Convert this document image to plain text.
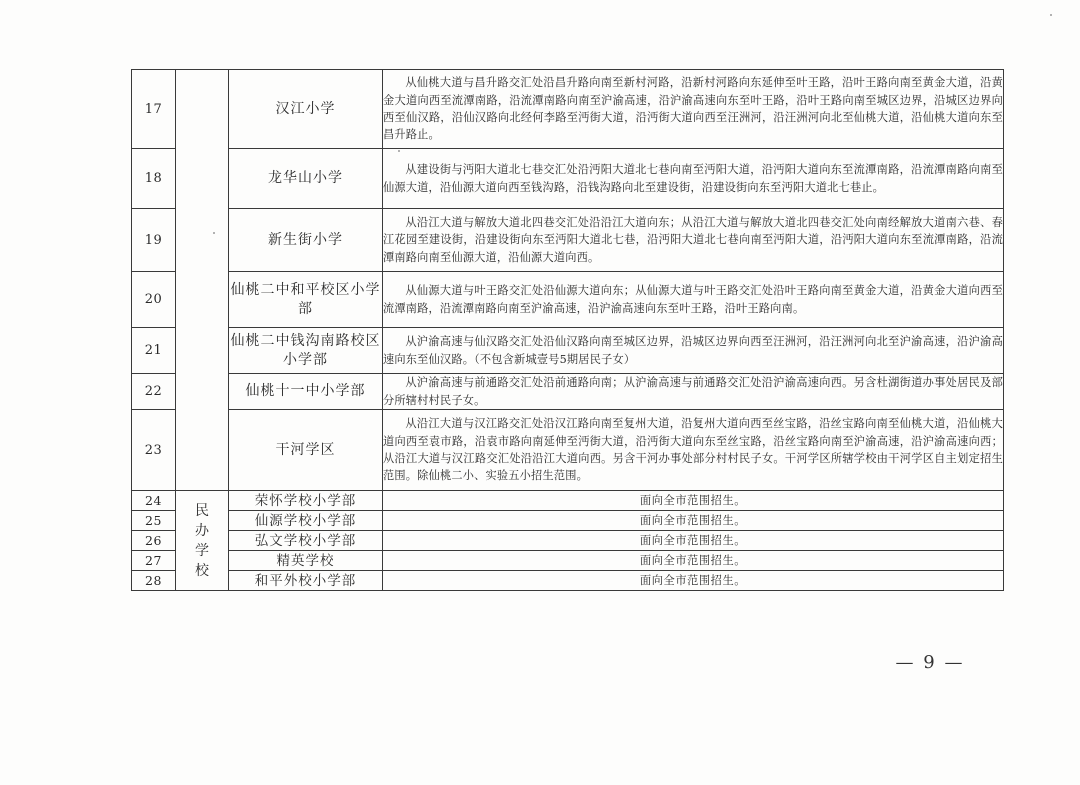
17		汉江小学	从仙桃大道与昌升路交汇处沿昌升路向南至新村河路，沿新村河路向东延伸至叶王路，沿叶王路向南至黄金大道，沿黄金大道向西至流潭南路，沿流潭南路向南至沪渝高速，沿沪渝高速向东至叶王路，沿叶王路向南至城区边界，沿城区边界向西至仙汉路，沿仙汉路向北经何李路至沔街大道，沿沔街大道向西至汪洲河，沿汪洲河向北至仙桃大道，沿仙桃大道向东至昌升路止。

18		龙华山小学	从建设街与沔阳大道北七巷交汇处沿沔阳大道北七巷向南至沔阳大道，沿沔阳大道向东至流潭南路，沿流潭南路向南至仙源大道，沿仙源大道向西至钱沟路，沿钱沟路向北至建设街，沿建设街向东至沔阳大道北七巷止。

19		新生街小学	从沿江大道与解放大道北四巷交汇处沿沿江大道向东；从沿江大道与解放大道北四巷交汇处向南经解放大道南六巷、春江花园至建设街，沿建设街向东至沔阳大道北七巷，沿沔阳大道北七巷向南至沔阳大道，沿沔阳大道向东至流潭南路，沿流潭南路向南至仙源大道，沿仙源大道向西。

20		仙桃二中和平校区小学部	从仙源大道与叶王路交汇处沿仙源大道向东；从仙源大道与叶王路交汇处沿叶王路向南至黄金大道，沿黄金大道向西至流潭南路，沿流潭南路向南至沪渝高速，沿沪渝高速向东至叶王路，沿叶王路向南。

21		仙桃二中钱沟南路校区小学部	从沪渝高速与仙汉路交汇处沿仙汉路向南至城区边界，沿城区边界向西至汪洲河，沿汪洲河向北至沪渝高速，沿沪渝高速向东至仙汉路。（不包含新城壹号5期居民子女）

22		仙桃十一中小学部	从沪渝高速与前通路交汇处沿前通路向南；从沪渝高速与前通路交汇处沿沪渝高速向西。另含杜湖街道办事处居民及部分所辖村村民子女。

23		干河学区	从沿江大道与汉江路交汇处沿汉江路向南至复州大道，沿复州大道向西至丝宝路，沿丝宝路向南至仙桃大道，沿仙桃大道向西至袁市路，沿袁市路向南延伸至沔街大道，沿沔街大道向东至丝宝路，沿丝宝路向南至沪渝高速，沿沪渝高速向西；从沿江大道与汉江路交汇处沿沿江大道向西。另含干河办事处部分村村民子女。干河学区所辖学校由干河学区自主划定招生范围。除仙桃二小、实验五小招生范围。

24	民办学校	荣怀学校小学部	面向全市范围招生。

25		仙源学校小学部	面向全市范围招生。

26		弘文学校小学部	面向全市范围招生。

27		精英学校	面向全市范围招生。

28		和平外校小学部	面向全市范围招生。
— 9 —
